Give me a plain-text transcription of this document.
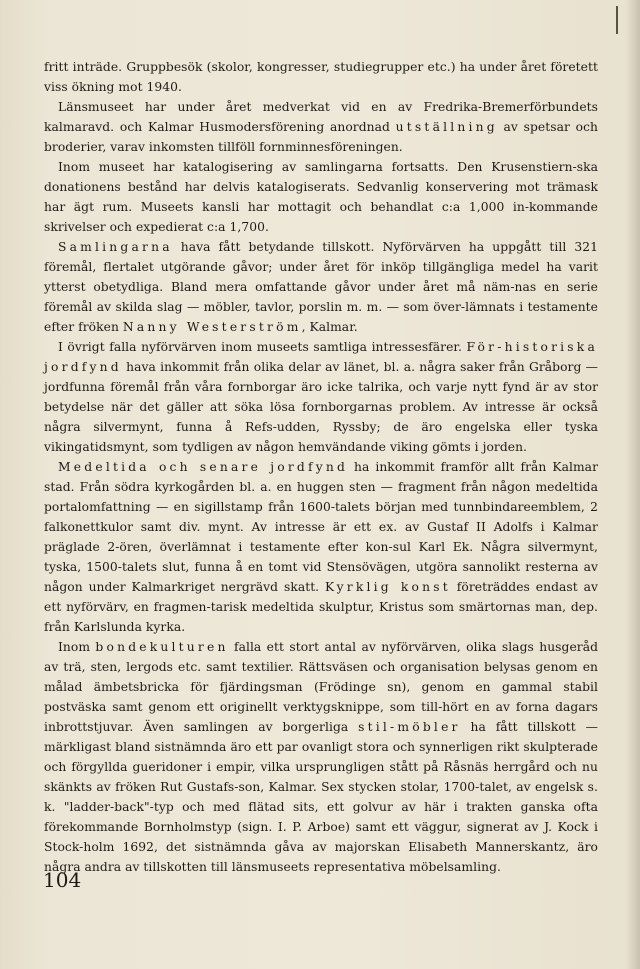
fritt inträde. Gruppbesök (skolor, kongresser, studiegrupper etc.) ha under året företett viss ökning mot 1940.

Länsmuseet har under året medverkat vid en av Fredrika-Bremerförbundets kalmaravd. och Kalmar Husmodersförening anordnad utställning av spetsar och broderier, varav inkomsten tillföll fornminnesföreningen.

Inom museet har katalogisering av samlingarna fortsatts. Den Krusenstiern-ska donationens bestånd har delvis katalogiserats. Sedvanlig konservering mot trämask har ägt rum. Museets kansli har mottagit och behandlat c:a 1,000 in-kommande skrivelser och expedierat c:a 1,700.

Samlingarna hava fått betydande tillskott. Nyförvärven ha uppgått till 321 föremål, flertalet utgörande gåvor; under året för inköp tillgängliga medel ha varit ytterst obetydliga. Bland mera omfattande gåvor under året må näm-nas en serie föremål av skilda slag — möbler, tavlor, porslin m. m. — som över-lämnats i testamente efter fröken Nanny Westerström, Kalmar.

I övrigt falla nyförvärven inom museets samtliga intressesfärer. För-historiska jordfynd hava inkommit från olika delar av länet, bl. a. några saker från Gråborg — jordfunna föremål från våra fornborgar äro icke talrika, och varje nytt fynd är av stor betydelse när det gäller att söka lösa fornborgarnas problem. Av intresse är också några silvermynt, funna å Refs-udden, Ryssby; de äro engelska eller tyska vikingatidsmynt, som tydligen av någon hemvändande viking gömts i jorden.

Medeltida och senare jordfynd ha inkommit framför allt från Kalmar stad. Från södra kyrkogården bl. a. en huggen sten — fragment från någon medeltida portalomfattning — en sigillstamp från 1600-talets början med tunnbindareemblem, 2 falkonettkulor samt div. mynt. Av intresse är ett ex. av Gustaf II Adolfs i Kalmar präglade 2-ören, överlämnat i testamente efter kon-sul Karl Ek. Några silvermynt, tyska, 1500-talets slut, funna å en tomt vid Stensövägen, utgöra sannolikt resterna av någon under Kalmarkriget nergrävd skatt. Kyrklig konst företräddes endast av ett nyförvärv, en fragmen-tarisk medeltida skulptur, Kristus som smärtornas man, dep. från Karlslunda kyrka.

Inom bondekulturen falla ett stort antal av nyförvärven, olika slags husgeråd av trä, sten, lergods etc. samt textilier. Rättsväsen och organisation belysas genom en målad ämbetsbricka för fjärdingsman (Frödinge sn), genom en gammal stabil postväska samt genom ett originellt verktygsknippe, som till-hört en av forna dagars inbrottstjuvar. Även samlingen av borgerliga stil-möbler ha fått tillskott — märkligast bland sistnämnda äro ett par ovanligt stora och synnerligen rikt skulpterade och förgyllda gueridoner i empir, vilka ursprungligen stått på Råsnäs herrgård och nu skänkts av fröken Rut Gustafs-son, Kalmar. Sex stycken stolar, 1700-talet, av engelsk s. k. "ladder-back"-typ och med flätad sits, ett golvur av här i trakten ganska ofta förekommande Bornholmstyp (sign. I. P. Arboe) samt ett väggur, signerat av J. Kock i Stock-holm 1692, det sistnämnda gåva av majorskan Elisabeth Mannerskantz, äro några andra av tillskotten till länsmuseets representativa möbelsamling.

104
